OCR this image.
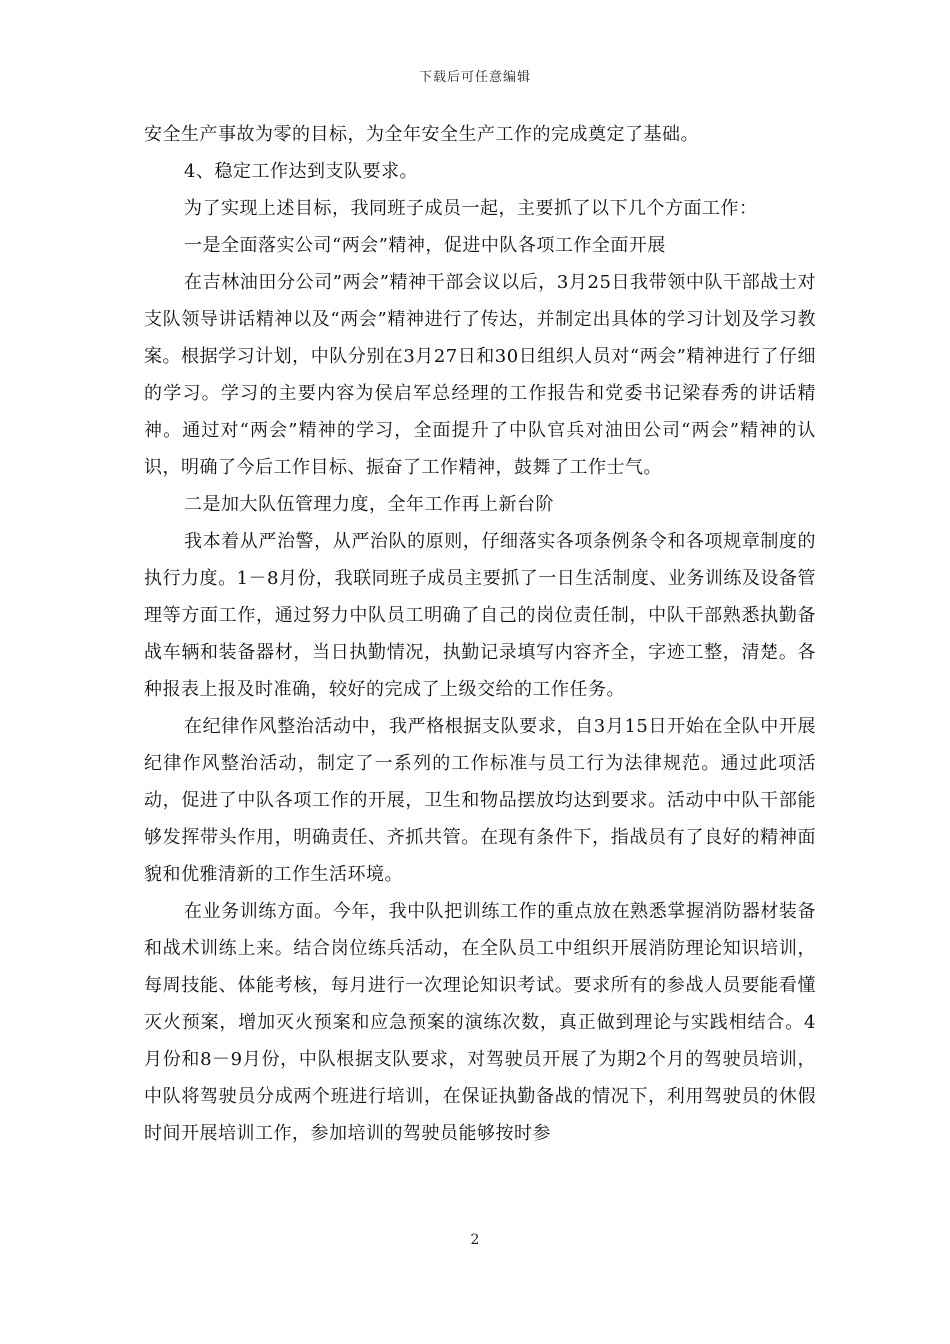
下载后可任意编辑

安全生产事故为零的目标，为全年安全生产工作的完成奠定了基础。

4、稳定工作达到支队要求。

为了实现上述目标，我同班子成员一起，主要抓了以下几个方面工作：

一是全面落实公司“两会”精神，促进中队各项工作全面开展

在吉林油田分公司”两会”精神干部会议以后，3月25日我带领中队干部战士对支队领导讲话精神以及“两会”精神进行了传达，并制定出具体的学习计划及学习教案。根据学习计划，中队分别在3月27日和30日组织人员对“两会”精神进行了仔细的学习。学习的主要内容为侯启军总经理的工作报告和党委书记梁春秀的讲话精神。通过对“两会”精神的学习，全面提升了中队官兵对油田公司“两会”精神的认识，明确了今后工作目标、振奋了工作精神，鼓舞了工作士气。

二是加大队伍管理力度，全年工作再上新台阶

我本着从严治警，从严治队的原则，仔细落实各项条例条令和各项规章制度的执行力度。1－8月份，我联同班子成员主要抓了一日生活制度、业务训练及设备管理等方面工作，通过努力中队员工明确了自己的岗位责任制，中队干部熟悉执勤备战车辆和装备器材，当日执勤情况，执勤记录填写内容齐全，字迹工整，清楚。各种报表上报及时准确，较好的完成了上级交给的工作任务。

在纪律作风整治活动中，我严格根据支队要求，自3月15日开始在全队中开展纪律作风整治活动，制定了一系列的工作标准与员工行为法律规范。通过此项活动，促进了中队各项工作的开展，卫生和物品摆放均达到要求。活动中中队干部能够发挥带头作用，明确责任、齐抓共管。在现有条件下，指战员有了良好的精神面貌和优雅清新的工作生活环境。

在业务训练方面。今年，我中队把训练工作的重点放在熟悉掌握消防器材装备和战术训练上来。结合岗位练兵活动，在全队员工中组织开展消防理论知识培训，每周技能、体能考核，每月进行一次理论知识考试。要求所有的参战人员要能看懂灭火预案，增加灭火预案和应急预案的演练次数，真正做到理论与实践相结合。4月份和8－9月份，中队根据支队要求，对驾驶员开展了为期2个月的驾驶员培训，中队将驾驶员分成两个班进行培训，在保证执勤备战的情况下，利用驾驶员的休假时间开展培训工作，参加培训的驾驶员能够按时参

2
